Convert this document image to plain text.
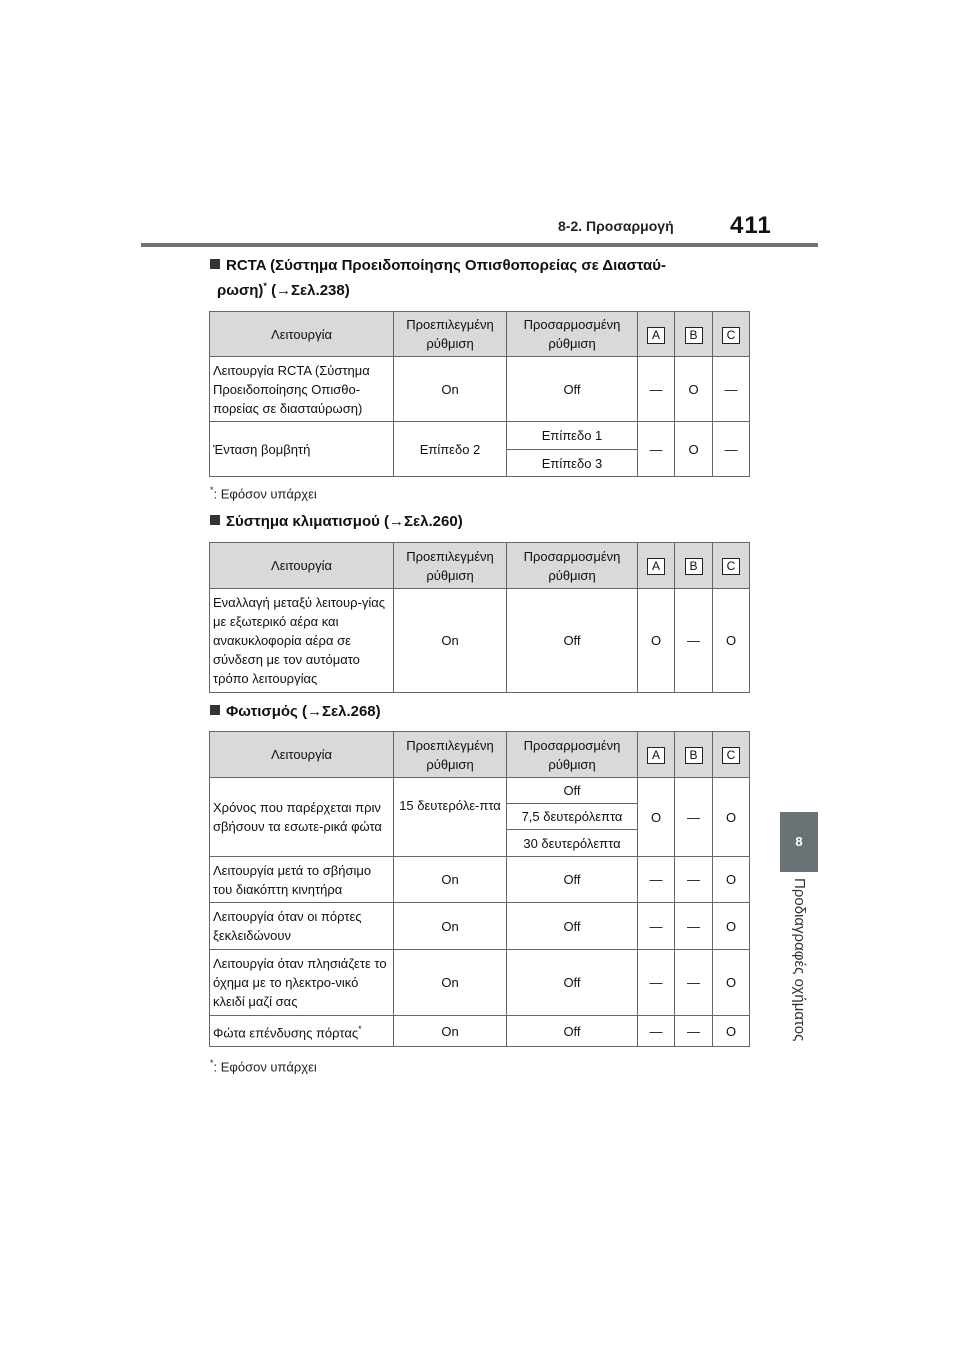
8-2. Προσαρμογή 411
8
Προδιαγραφές οχήματος
RCTA (Σύστημα Προειδοποίησης Οπισθοπορείας σε Διασταύ-
ρωση)* (→Σελ.238)
Λειτουργία	Προεπιλεγμένη ρύθμιση	Προσαρμοσμένη ρύθμιση	A	B	C
Λειτουργία RCTA (Σύστημα Προειδοποίησης Οπισθο-πορείας σε διασταύρωση)	On	Off	—	O	—
Ένταση βομβητή	Επίπεδο 2	Επίπεδο 1	—	O	—
		Επίπεδο 3			
*: Εφόσον υπάρχει
Σύστημα κλιματισμού (→Σελ.260)
Λειτουργία	Προεπιλεγμένη ρύθμιση	Προσαρμοσμένη ρύθμιση	A	B	C
Εναλλαγή μεταξύ λειτουρ-γίας με εξωτερικό αέρα και ανακυκλοφορία αέρα σε σύνδεση με τον αυτόματο τρόπο λειτουργίας	On	Off	O	—	O
Φωτισμός (→Σελ.268)
Λειτουργία	Προεπιλεγμένη ρύθμιση	Προσαρμοσμένη ρύθμιση	A	B	C
Χρόνος που παρέρχεται πριν σβήσουν τα εσωτε-ρικά φώτα	15 δευτερόλε-πτα	Off	O	—	O
		7,5 δευτερόλεπτα			
		30 δευτερόλεπτα			
Λειτουργία μετά το σβήσιμο του διακόπτη κινητήρα	On	Off	—	—	O
Λειτουργία όταν οι πόρτες ξεκλειδώνουν	On	Off	—	—	O
Λειτουργία όταν πλησιάζετε το όχημα με το ηλεκτρο-νικό κλειδί μαζί σας	On	Off	—	—	O
Φώτα επένδυσης πόρτας*	On	Off	—	—	O
*: Εφόσον υπάρχει
